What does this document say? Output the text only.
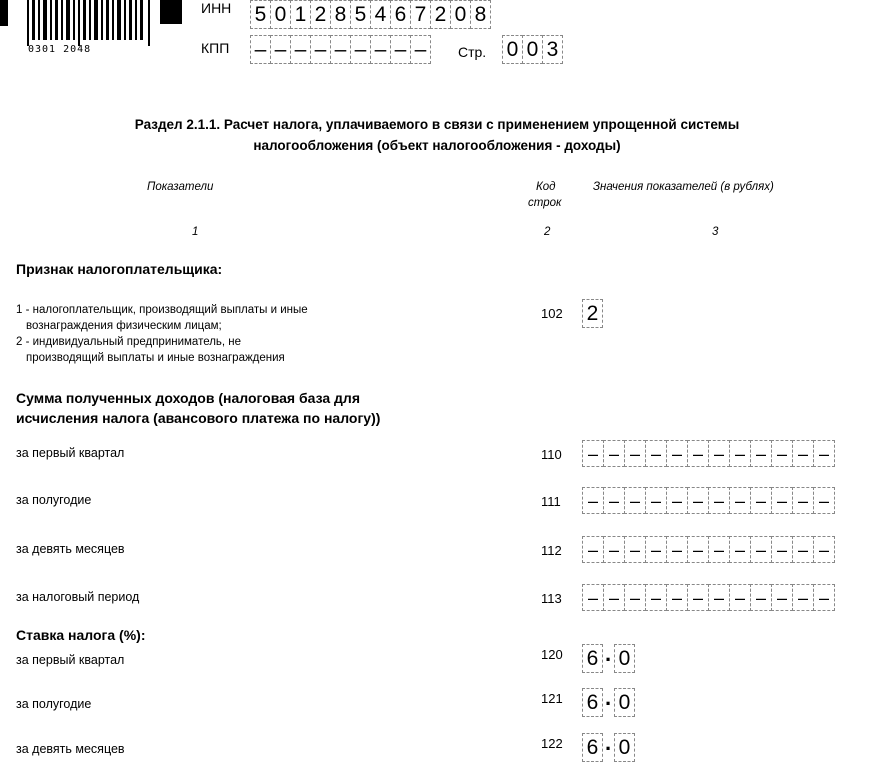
0301 2048
ИНН 5 0 1 2 8 5 4 6 7 2 0 8
КПП – – – – – – – – –	Стр. 0 0 3
Раздел 2.1.1. Расчет налога, уплачиваемого в связи с применением упрощенной системы
налогообложения (объект налогообложения - доходы)
Показатели	Код
строк
Значения показателей (в рублях)
1	2	3
Признак налогоплательщика:
1 - налогоплательщик, производящий выплаты и иные
вознаграждения физическим лицам;
2 - индивидуальный предприниматель, не
производящий выплаты и иные вознаграждения
102 2
Сумма полученных доходов (налоговая база для
исчисления налога (авансового платежа по налогу))
за первый квартал	110	– – – – – – – – – – – –
за полугодие	111	– – – – – – – – – – – –
за девять месяцев	112	– – – – – – – – – – – –
за налоговый период	113	– – – – – – – – – – – –
Ставка налога (%):
за первый квартал	120 6 . 0
за полугодие	121 6 . 0
за девять месяцев	122 6 . 0
